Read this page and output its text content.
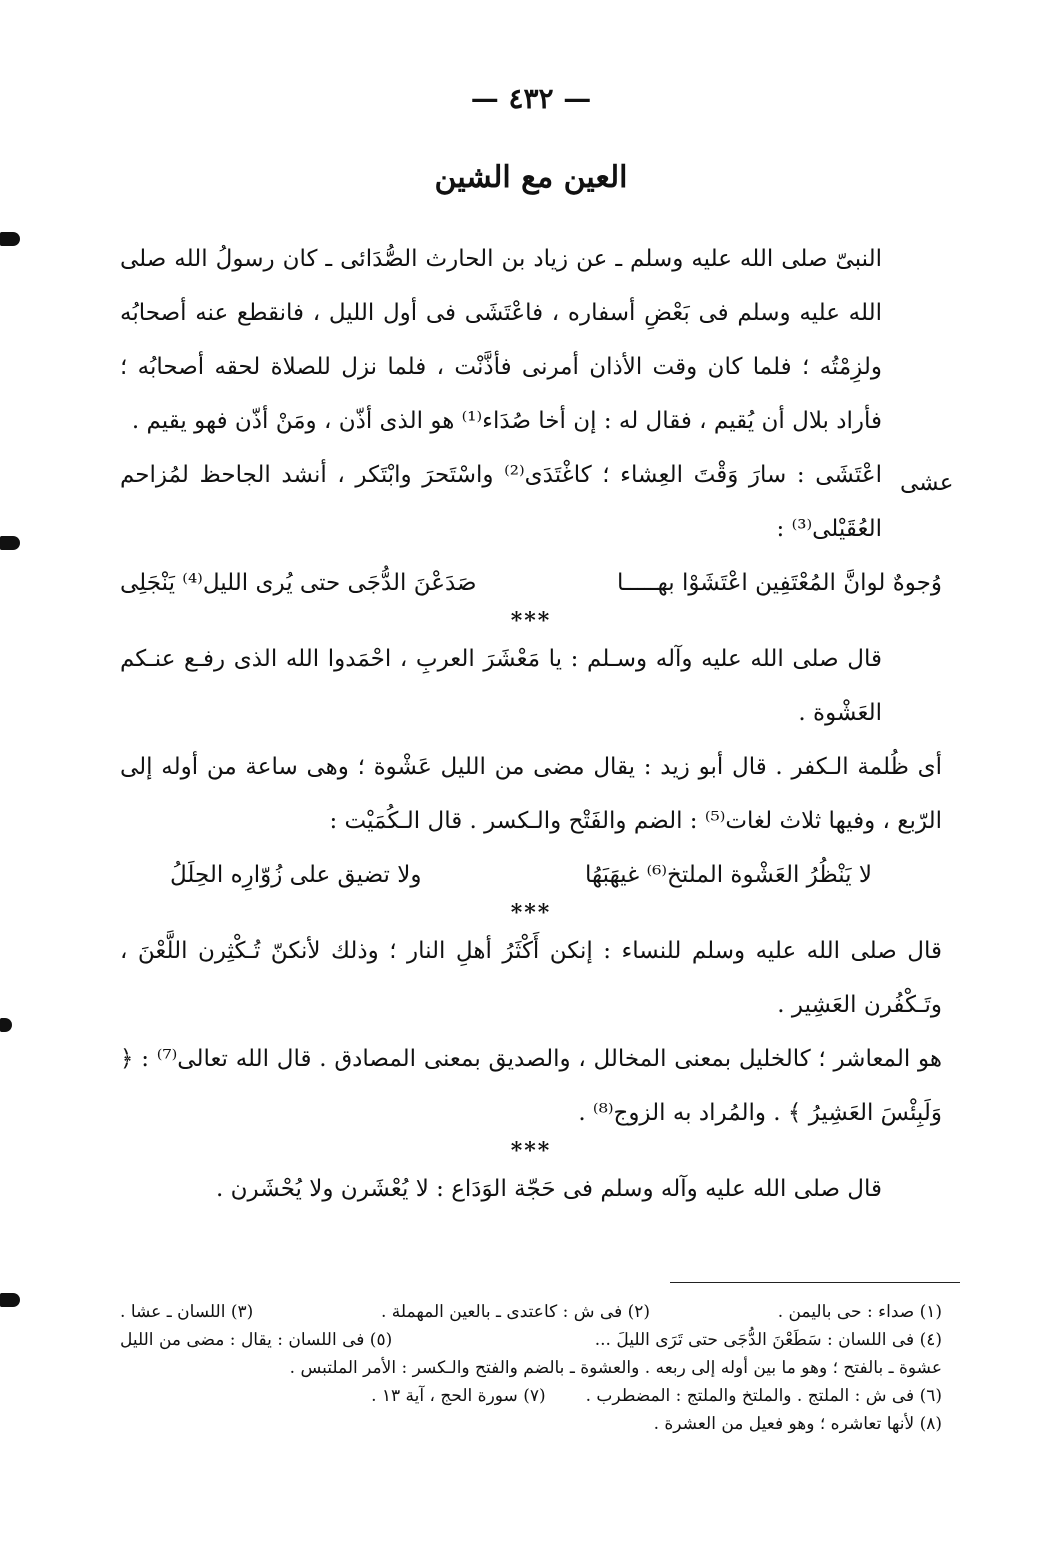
— ٤٣٢ —
العين مع الشين
عشى

النبىّ صلى الله عليه وسلم ـ عن زياد بن الحارث الصُّدَائى ـ كان رسولُ الله صلى الله عليه وسلم فى بَعْضِ أسفاره ، فاعْتَشَى فى أول الليل ، فانقطع عنه أصحابُه ولزِمْتُه ؛ فلما كان وقت الأذان أمرنى فأذَّنْت ، فلما نزل للصلاة لحقه أصحابُه ؛ فأراد بلال أن يُقيم ، فقال له : إن أخا صُدَاء⁽¹⁾ هو الذى أذّن ، ومَنْ أذّن فهو يقيم .

اعْتَشَى : سارَ وَقْتَ العِشاء ؛ كاغْتَدَى⁽²⁾ واسْتَحرَ وابْتَكر ، أنشد الجاحظ لمُزاحم العُقَيْلى⁽³⁾ :

وُجوهٌ لوانَّ المُعْتَفِين اعْتَشَوْا بهـــــا
صَدَعْنَ الدُّجَى حتى يُرى الليل⁽⁴⁾ يَنْجَلِى
***

قال صلى الله عليه وآله وسـلم : يا مَعْشَرَ العربِ ، احْمَدوا الله الذى رفـع عنـكم العَشْوة .

أى ظُلمة الـكفر . قال أبو زيد : يقال مضى من الليل عَشْوة ؛ وهى ساعة من أوله إلى الرّبع ، وفيها ثلاث لغات⁽⁵⁾ : الضم والفَتْح والـكسر . قال الـكُمَيْت :

لا يَنْظُرُ العَشْوة الملتخ⁽⁶⁾ غيهَبَهُا
ولا تضيق على زُوّارِه الحِلَلُ
***

قال صلى الله عليه وسلم للنساء : إنكن أَكْثَرُ أهلِ النار ؛ وذلك لأنكنّ تُـكْثِرن اللَّعْنَ ، وتَـكْفُرن العَشِير .

هو المعاشر ؛ كالخليل بمعنى المخالل ، والصديق بمعنى المصادق . قال الله تعالى⁽⁷⁾ : ﴿ وَلَبِئْسَ العَشِيرُ ﴾ . والمُراد به الزوج⁽⁸⁾ .

***

قال صلى الله عليه وآله وسلم فى حَجّة الوَدَاع : لا يُعْشَرن ولا يُحْشَرن .

(١) صداء : حى باليمن .
(٢) فى ش : كاعتدى ـ بالعين المهملة .
(٣) اللسان ـ عشا .
(٤) فى اللسان : سَطَعْنَ الدُّجَى حتى تَرَى الليلَ ...
(٥) فى اللسان : يقال : مضى من الليل
عشوة ـ بالفتح ؛ وهو ما بين أوله إلى ربعه . والعشوة ـ بالضم والفتح والـكسر : الأمر الملتبس .
(٦) فى ش : الملتج . والملتخ والملتج : المضطرب .
(٧) سورة الحج ، آية ١٣ .
(٨) لأنها تعاشره ؛ وهو فعيل من العشرة .
